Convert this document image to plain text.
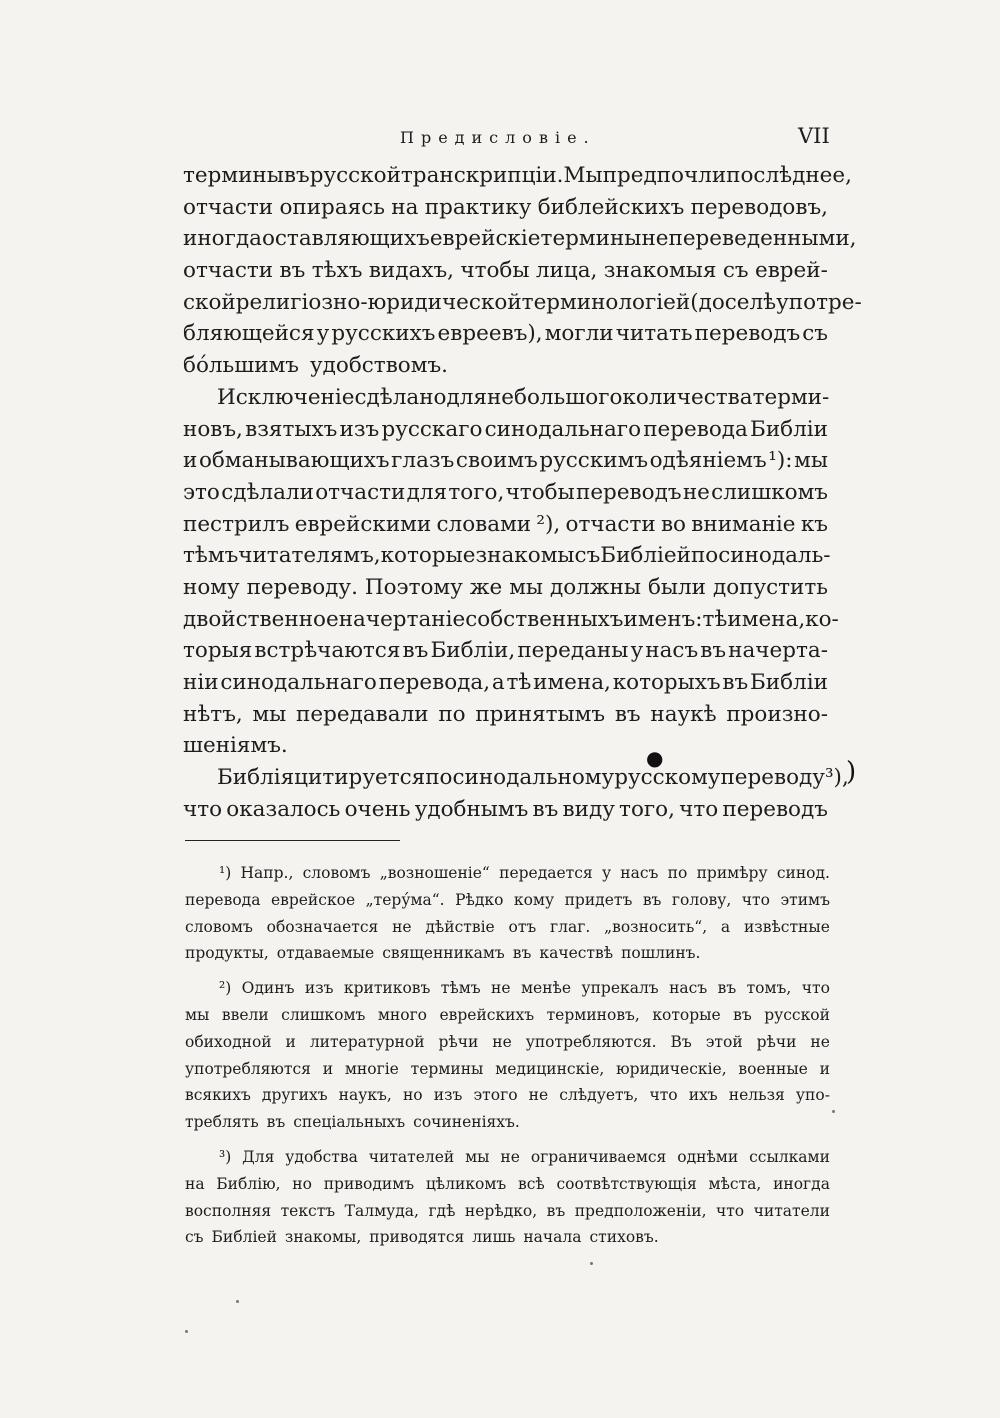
Предисловіе.	VII
термины въ русской транскрипціи. Мы предпочли послѣднее,
отчасти опираясь на практику библейскихъ переводовъ,
иногда оставляющихъ еврейскіе термины непереведенными,
отчасти въ тѣхъ видахъ, чтобы лица, знакомыя съ еврей-
ской религіозно-юридической терминологіей (доселѣ употре-
бляющейся у русскихъ евреевъ), могли читать переводъ съ
бо́льшимъ удобствомъ.
Исключеніе сдѣлано для небольшого количества терми-
новъ, взятыхъ изъ русскаго синодальнаго перевода Библіи
и обманывающихъ глазъ своимъ русскимъ одѣяніемъ ¹): мы
это сдѣлали отчасти для того, чтобы переводъ не слишкомъ
пестрилъ еврейскими словами ²), отчасти во вниманіе къ
тѣмъ читателямъ, которые знакомы съ Библіей по синодаль-
ному переводу. Поэтому же мы должны были допустить
двойственное начертаніе собственныхъ именъ: тѣ имена, ко-
торыя встрѣчаются въ Библіи, переданы у насъ въ начерта-
ніи синодальнаго перевода, а тѣ имена, которыхъ въ Библіи
нѣтъ, мы передавали по принятымъ въ наукѣ произно-
шеніямъ.
Библія цитируется по синодальному русскому переводу ³),
что оказалось очень удобнымъ въ виду того, что переводъ
¹) Напр., словомъ „возношеніе“ передается у насъ по примѣру синод.
перевода еврейское „теру́ма“. Рѣдко кому придетъ въ голову, что этимъ
словомъ обозначается не дѣйствіе отъ глаг. „возносить“, а извѣстные
продукты, отдаваемые священникамъ въ качествѣ пошлинъ.
²) Одинъ изъ критиковъ тѣмъ не менѣе упрекалъ насъ въ томъ, что
мы ввели слишкомъ много еврейскихъ терминовъ, которые въ русской
обиходной и литературной рѣчи не употребляются. Въ этой рѣчи не
употребляются и многіе термины медицинскіе, юридическіе, военные и
всякихъ другихъ наукъ, но изъ этого не слѣдуетъ, что ихъ нельзя упо-
треблять въ спеціальныхъ сочиненіяхъ.
³) Для удобства читателей мы не ограничиваемся однѣми ссылками
на Библію, но приводимъ цѣликомъ всѣ соотвѣтствующія мѣста, иногда
восполняя текстъ Талмуда, гдѣ нерѣдко, въ предположеніи, что читатели
съ Библіей знакомы, приводятся лишь начала стиховъ.
●	)
